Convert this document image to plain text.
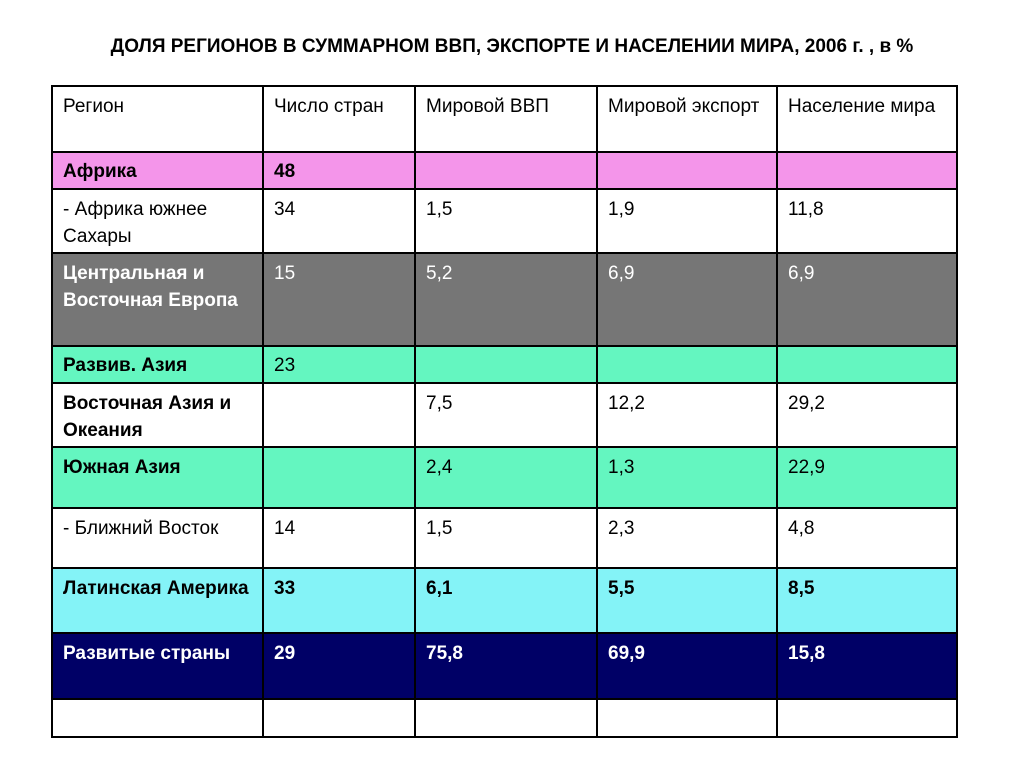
ДОЛЯ РЕГИОНОВ В СУММАРНОМ ВВП, ЭКСПОРТЕ И НАСЕЛЕНИИ МИРА, 2006 г. , в %
Регион	Число стран	Мировой ВВП	Мировой экспорт	Население мира
Африка	48			
- Африка южнее Сахары	34	1,5	1,9	11,8
Центральная и Восточная Европа	15	5,2	6,9	6,9
Развив. Азия	23			
Восточная Азия и Океания		7,5	12,2	29,2
Южная Азия		2,4	1,3	22,9
- Ближний Восток	14	1,5	2,3	4,8
Латинская Америка	33	6,1	5,5	8,5
Развитые страны	29	75,8	69,9	15,8
